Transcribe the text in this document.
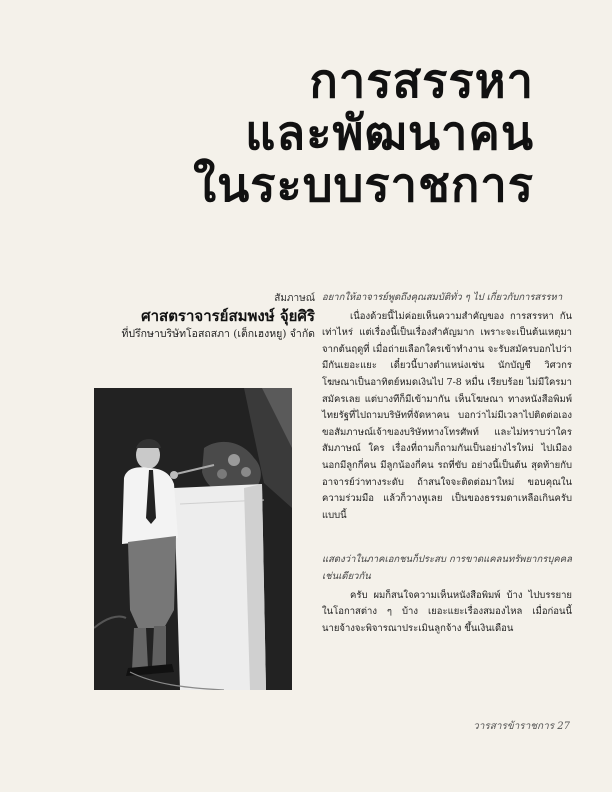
การสรรหา
และพัฒนาคน
ในระบบราชการ
สัมภาษณ์
ศาสตราจารย์สมพงษ์ จุ้ยศิริ
ที่ปรึกษาบริษัทโอสถสภา (เต็กเฮงหยู) จำกัด
อยากให้อาจารย์พูดถึงคุณสมบัติทั่ว ๆ ไป เกี่ยวกับการสรรหา
เนื่องด้วยนี้ไม่ค่อยเห็นความสำคัญของ การสรรหา กันเท่าไหร่ แต่เรื่องนี้เป็นเรื่องสำคัญมาก เพราะจะเป็นต้นเหตุมาจากต้นฤดูที่ เมื่อถ่ายเลือกใครเข้าทำงาน จะรับสมัครบอกไปว่ามีกันเยอะแยะ เดี๋ยวนี้บางตำแหน่งเช่น นักบัญชี วิศวกร โฆษณาเป็นอาทิตย์หมดเงินไป 7-8 หมื่น เรียบร้อย ไม่มีใครมาสมัครเลย แต่บางทีก็มีเข้ามากัน เห็นโฆษณา ทางหนังสือพิมพ์ไทยรัฐที่ไปถามบริษัทที่จัดหาคน บอกว่าไม่มีเวลาไปติดต่อเอง ขอสัมภาษณ์เจ้าของบริษัททางโทรศัพท์ และไม่ทราบว่าใครสัมภาษณ์ ใคร เรื่องที่ถามก็ถามกันเป็นอย่างไรใหม่ ไปเมืองนอกมีลูกกี่คน มีลูกน้องกี่คน รถที่ขับ อย่างนี้เป็นต้น สุดท้ายกับอาจารย์ว่าทางระดับ ถ้าสนใจจะติดต่อมาใหม่ ขอบคุณในความร่วมมือ แล้วก็วางหูเลย เป็นของธรรมดาเหลือเกินครับแบบนี้
แสดงว่าในภาคเอกชนก็ประสบ การขาดแคลนทรัพยากรบุคคลเช่นเดียวกัน
ครับ ผมก็สนใจความเห็นหนังสือพิมพ์ บ้าง ไปบรรยายในโอกาสต่าง ๆ บ้าง เยอะแยะเรื่องสมองไหล เมื่อก่อนนี้นายจ้างจะพิจารณาประเมินลูกจ้าง ขึ้นเงินเดือน
วารสารข้าราชการ 27
